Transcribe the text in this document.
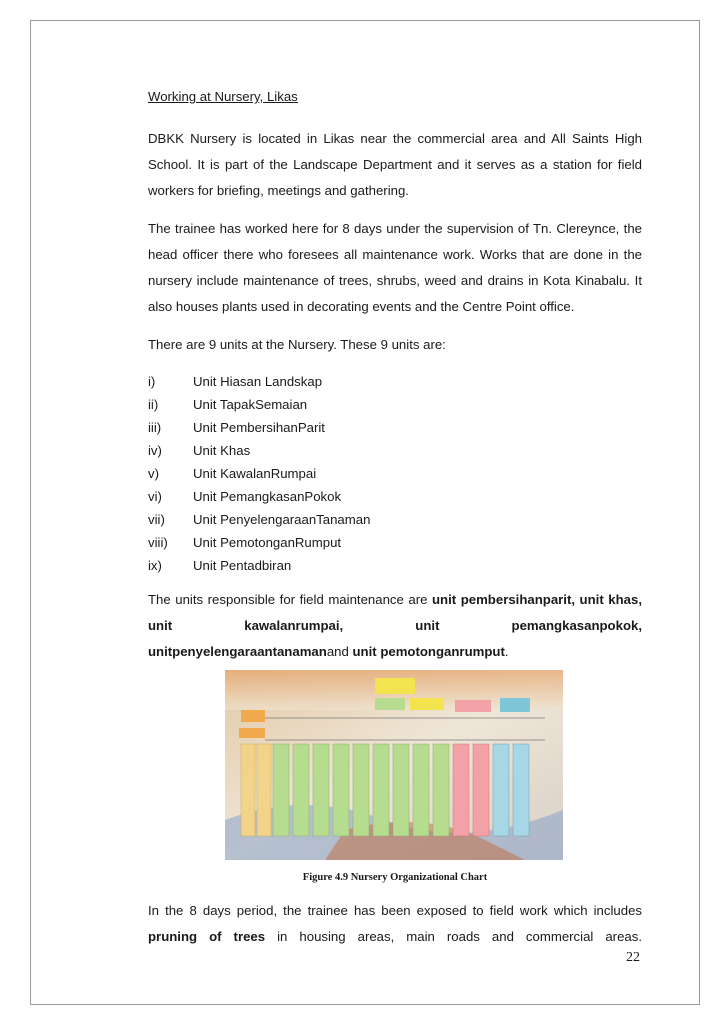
Working at Nursery, Likas

DBKK Nursery is located in Likas near the commercial area and All Saints High School. It is part of the Landscape Department and it serves as a station for field workers for briefing, meetings and gathering.

The trainee has worked here for 8 days under the supervision of Tn. Clereynce, the head officer there who foresees all maintenance work. Works that are done in the nursery include maintenance of trees, shrubs, weed and drains in Kota Kinabalu. It also houses plants used in decorating events and the Centre Point office.

There are 9 units at the Nursery. These 9 units are:

i)	Unit Hiasan Landskap
ii)	Unit TapakSemaian
iii)	Unit PembersihanParit
iv)	Unit Khas
v)	Unit KawalanRumpai
vi)	Unit PemangkasanPokok
vii)	Unit PenyelengaraanTanaman
viii)	Unit PemotonganRumput
ix)	Unit Pentadbiran

The units responsible for field maintenance are unit pembersihanparit, unit khas, unit kawalanrumpai,	unit pemangkasanpokok,

unitpenyelengaraantanamanand unit pemotonganrumput.

Figure 4.9 Nursery Organizational Chart
In the 8 days period, the trainee has been exposed to field work which includes pruning of trees in housing areas, main roads and commercial areas.
22
